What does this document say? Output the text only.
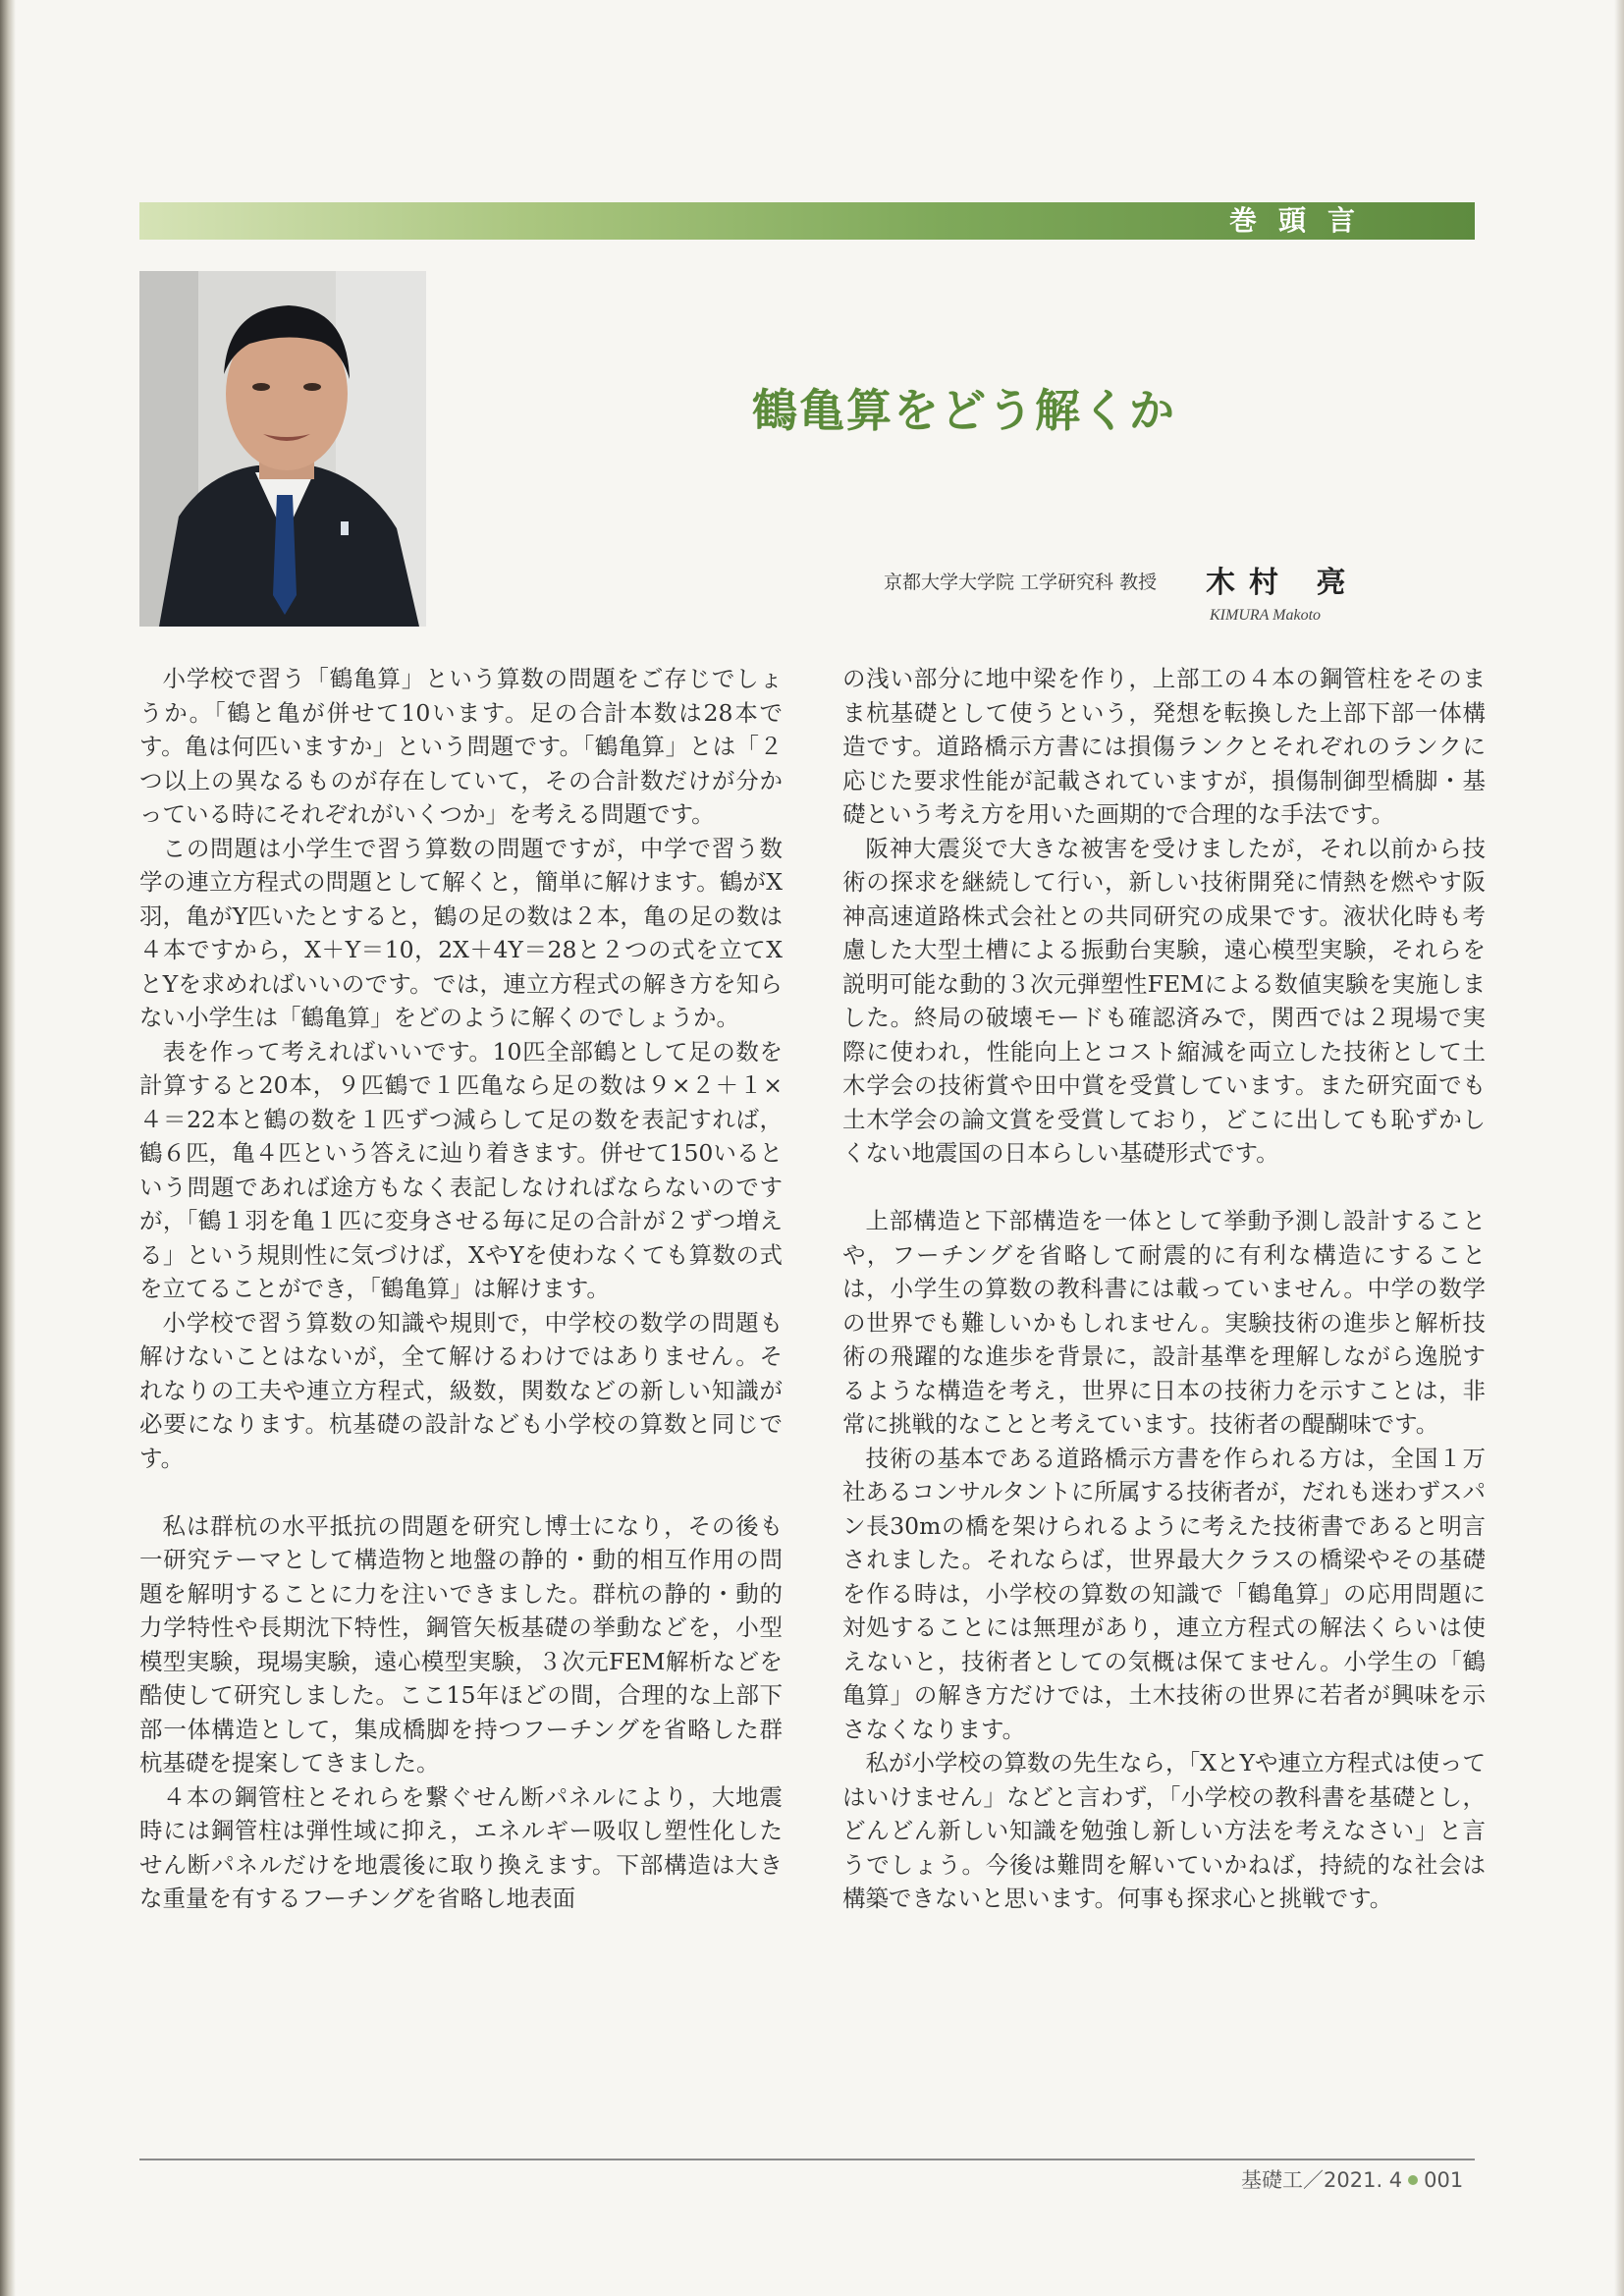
巻頭言
鶴亀算をどう解くか
京都大学大学院 工学研究科 教授 木村 亮
KIMURA Makoto

小学校で習う「鶴亀算」という算数の問題をご存じでしょうか。「鶴と亀が併せて10います。足の合計本数は28本です。亀は何匹いますか」という問題です。「鶴亀算」とは「２つ以上の異なるものが存在していて，その合計数だけが分かっている時にそれぞれがいくつか」を考える問題です。

この問題は小学生で習う算数の問題ですが，中学で習う数学の連立方程式の問題として解くと，簡単に解けます。鶴がX羽，亀がY匹いたとすると，鶴の足の数は２本，亀の足の数は４本ですから，X＋Y＝10，2X＋4Y＝28と２つの式を立てXとYを求めればいいのです。では，連立方程式の解き方を知らない小学生は「鶴亀算」をどのように解くのでしょうか。

表を作って考えればいいです。10匹全部鶴として足の数を計算すると20本，９匹鶴で１匹亀なら足の数は９×２＋１×４＝22本と鶴の数を１匹ずつ減らして足の数を表記すれば，鶴６匹，亀４匹という答えに辿り着きます。併せて150いるという問題であれば途方もなく表記しなければならないのですが，「鶴１羽を亀１匹に変身させる毎に足の合計が２ずつ増える」という規則性に気づけば，XやYを使わなくても算数の式を立てることができ，「鶴亀算」は解けます。

小学校で習う算数の知識や規則で，中学校の数学の問題も解けないことはないが，全て解けるわけではありません。それなりの工夫や連立方程式，級数，関数などの新しい知識が必要になります。杭基礎の設計なども小学校の算数と同じです。

私は群杭の水平抵抗の問題を研究し博士になり，その後も一研究テーマとして構造物と地盤の静的・動的相互作用の問題を解明することに力を注いできました。群杭の静的・動的力学特性や長期沈下特性，鋼管矢板基礎の挙動などを，小型模型実験，現場実験，遠心模型実験，３次元FEM解析などを酷使して研究しました。ここ15年ほどの間，合理的な上部下部一体構造として，集成橋脚を持つフーチングを省略した群杭基礎を提案してきました。

４本の鋼管柱とそれらを繋ぐせん断パネルにより，大地震時には鋼管柱は弾性域に抑え，エネルギー吸収し塑性化したせん断パネルだけを地震後に取り換えます。下部構造は大きな重量を有するフーチングを省略し地表面

の浅い部分に地中梁を作り，上部工の４本の鋼管柱をそのまま杭基礎として使うという，発想を転換した上部下部一体構造です。道路橋示方書には損傷ランクとそれぞれのランクに応じた要求性能が記載されていますが，損傷制御型橋脚・基礎という考え方を用いた画期的で合理的な手法です。

阪神大震災で大きな被害を受けましたが，それ以前から技術の探求を継続して行い，新しい技術開発に情熱を燃やす阪神高速道路株式会社との共同研究の成果です。液状化時も考慮した大型土槽による振動台実験，遠心模型実験，それらを説明可能な動的３次元弾塑性FEMによる数値実験を実施しました。終局の破壊モードも確認済みで，関西では２現場で実際に使われ，性能向上とコスト縮減を両立した技術として土木学会の技術賞や田中賞を受賞しています。また研究面でも土木学会の論文賞を受賞しており，どこに出しても恥ずかしくない地震国の日本らしい基礎形式です。

上部構造と下部構造を一体として挙動予測し設計することや，フーチングを省略して耐震的に有利な構造にすることは，小学生の算数の教科書には載っていません。中学の数学の世界でも難しいかもしれません。実験技術の進歩と解析技術の飛躍的な進歩を背景に，設計基準を理解しながら逸脱するような構造を考え，世界に日本の技術力を示すことは，非常に挑戦的なことと考えています。技術者の醍醐味です。

技術の基本である道路橋示方書を作られる方は，全国１万社あるコンサルタントに所属する技術者が，だれも迷わずスパン長30mの橋を架けられるように考えた技術書であると明言されました。それならば，世界最大クラスの橋梁やその基礎を作る時は，小学校の算数の知識で「鶴亀算」の応用問題に対処することには無理があり，連立方程式の解法くらいは使えないと，技術者としての気概は保てません。小学生の「鶴亀算」の解き方だけでは，土木技術の世界に若者が興味を示さなくなります。

私が小学校の算数の先生なら，「XとYや連立方程式は使ってはいけません」などと言わず，「小学校の教科書を基礎とし，どんどん新しい知識を勉強し新しい方法を考えなさい」と言うでしょう。今後は難問を解いていかねば，持続的な社会は構築できないと思います。何事も探求心と挑戦です。

基礎工／2021. 4 001
